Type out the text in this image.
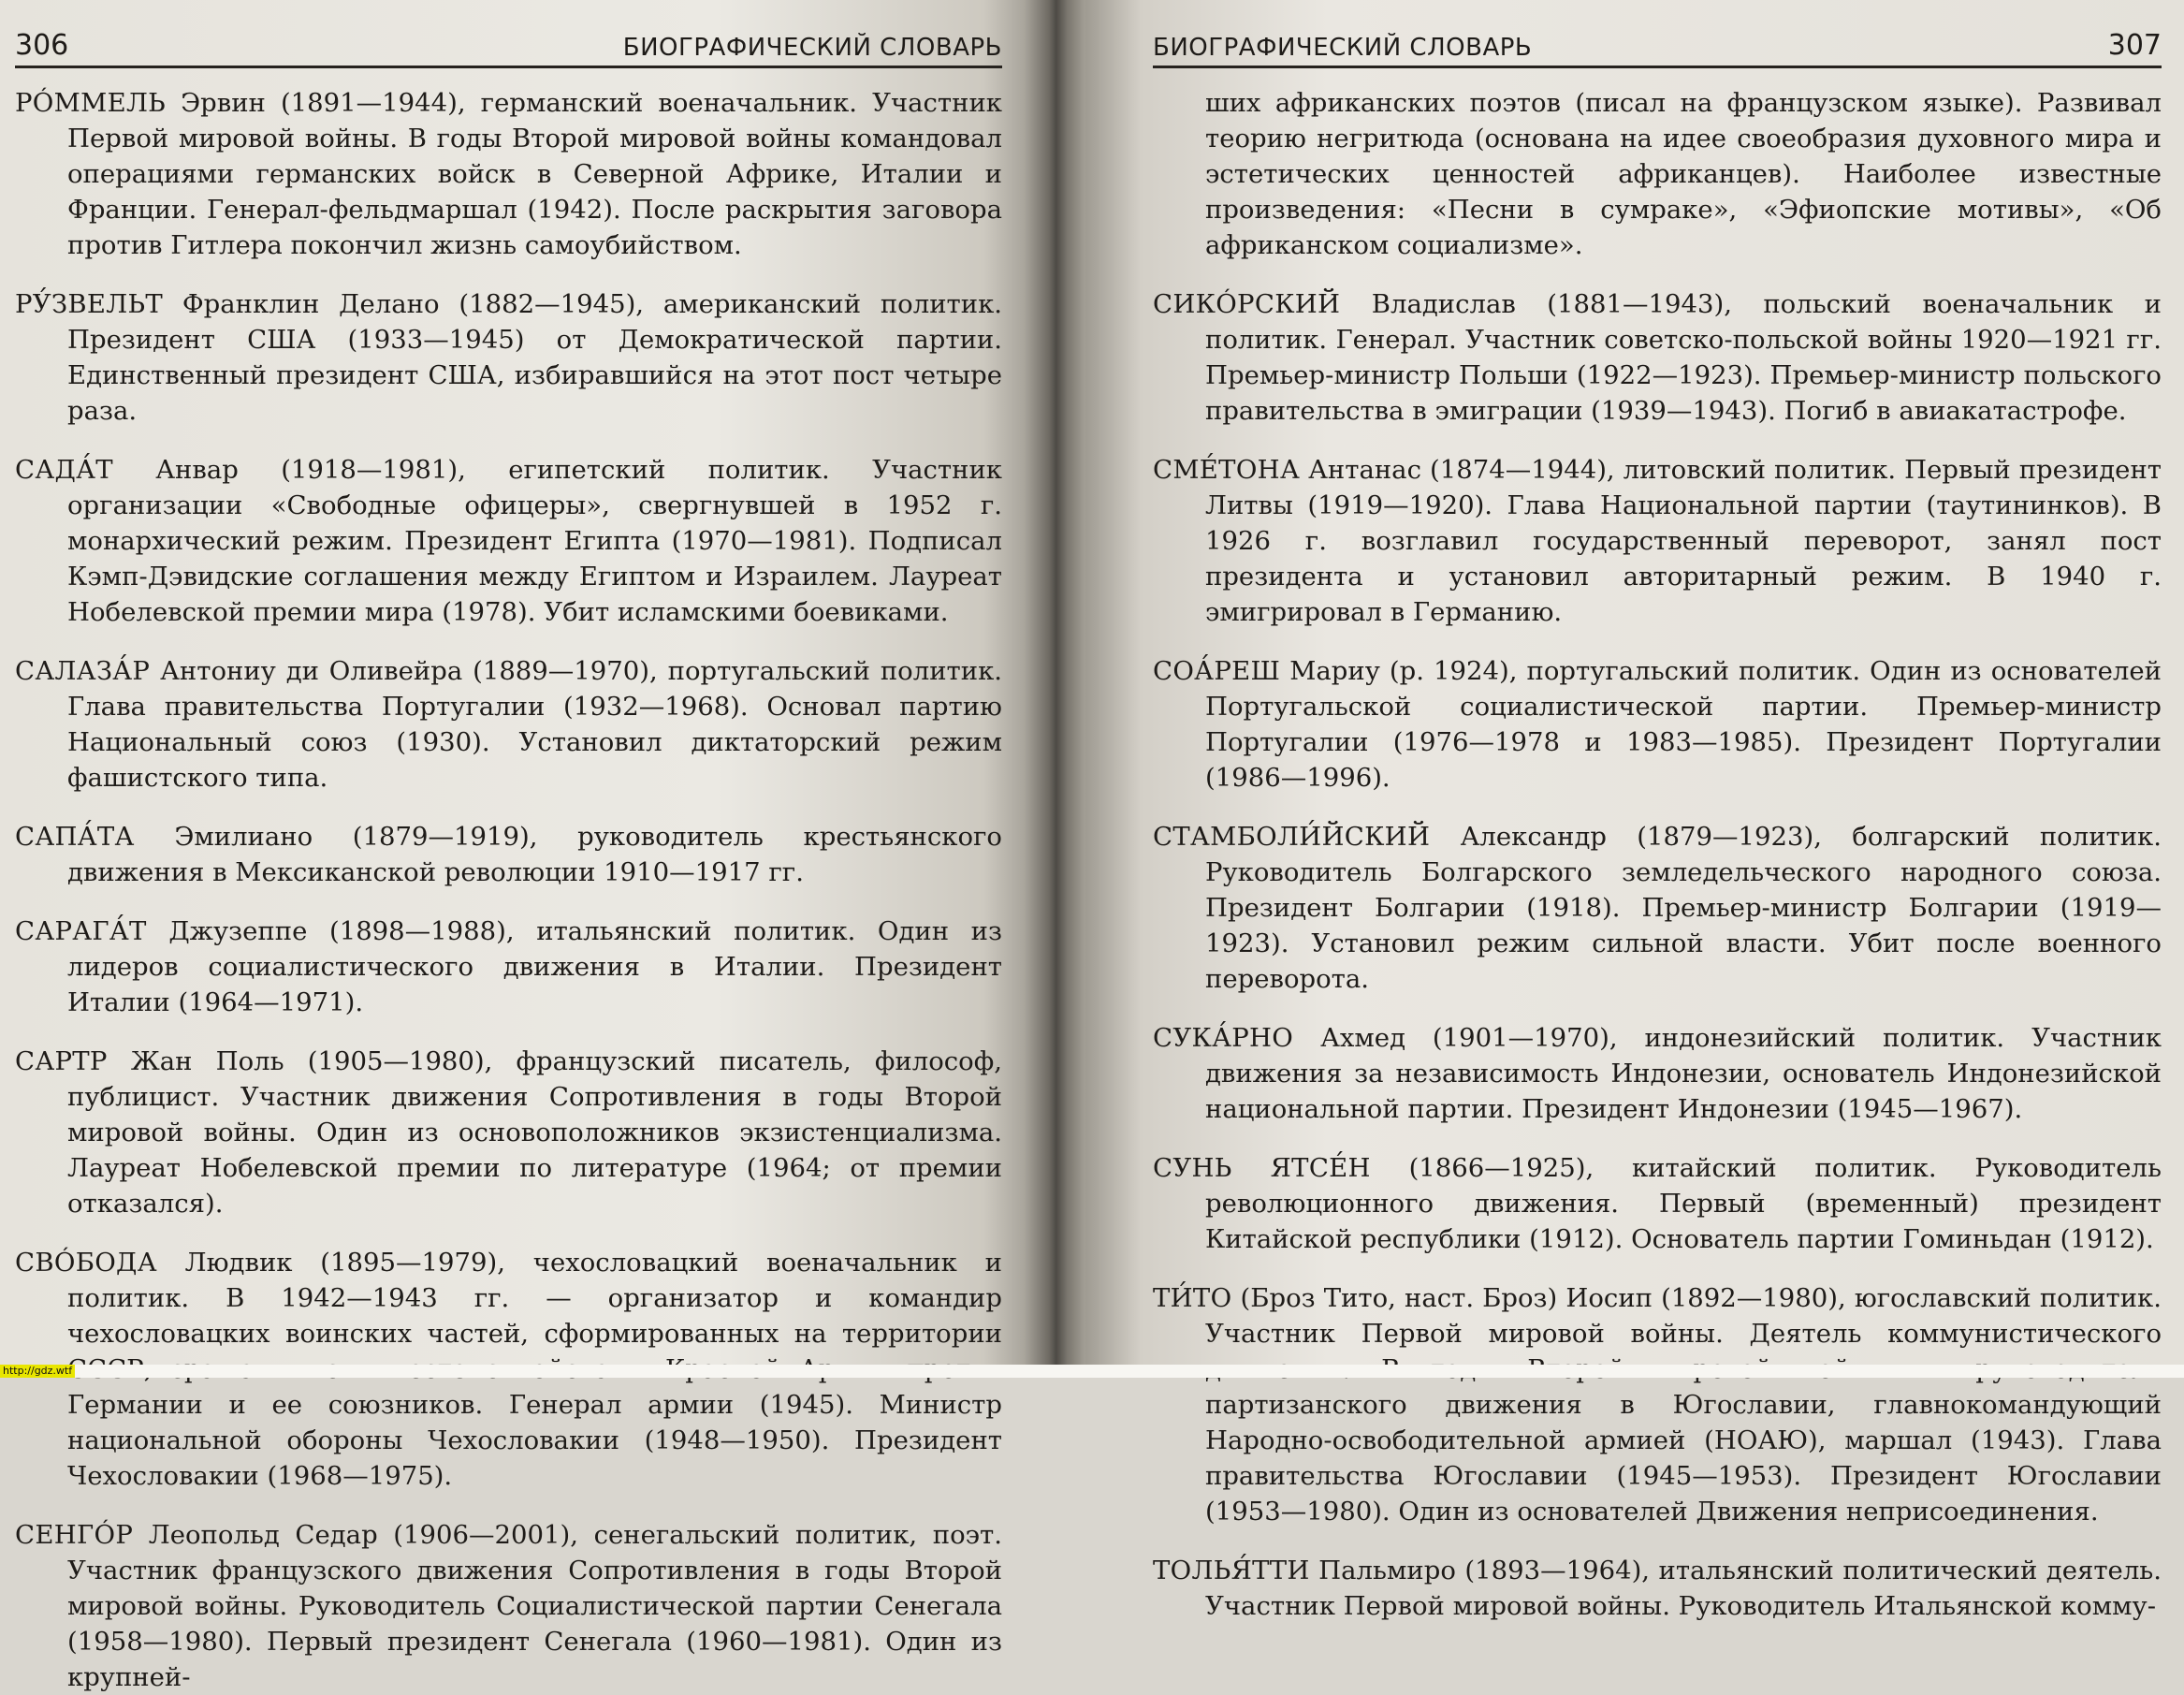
306	БИОГРАФИЧЕСКИЙ СЛОВАРЬ

РÓММЕЛЬ Эрвин (1891—1944), германский военачальник. Участник Первой мировой войны. В годы Второй мировой войны командовал операциями германских войск в Северной Африке, Италии и Франции. Генерал-фельдмаршал (1942). После раскрытия заговора против Гитлера покончил жизнь самоубийством.

РУ́ЗВЕЛЬТ Франклин Делано (1882—1945), американский политик. Президент США (1933—1945) от Демократической партии. Единственный президент США, избиравшийся на этот пост четыре раза.

САДА́Т Анвар (1918—1981), египетский политик. Участник организации «Свободные офицеры», свергнувшей в 1952 г. монархический режим. Президент Египта (1970—1981). Подписал Кэмп-Дэвидские соглашения между Египтом и Израилем. Лауреат Нобелевской премии мира (1978). Убит исламскими боевиками.

САЛАЗА́Р Антониу ди Оливейра (1889—1970), португальский политик. Глава правительства Португалии (1932—1968). Основал партию Национальный союз (1930). Установил диктаторский режим фашистского типа.

САПА́ТА Эмилиано (1879—1919), руководитель крестьянского движения в Мексиканской революции 1910—1917 гг.

САРАГА́Т Джузеппе (1898—1988), итальянский политик. Один из лидеров социалистического движения в Италии. Президент Италии (1964—1971).

САРТР Жан Поль (1905—1980), французский писатель, философ, публицист. Участник движения Сопротивления в годы Второй мировой войны. Один из основоположников экзистенциализма. Лауреат Нобелевской премии по литературе (1964; от премии отказался).

СВÓБОДА Людвик (1895—1979), чехословацкий военачальник и политик. В 1942—1943 гг. — организатор и командир чехословацких воинских частей, сформированных на территории Германии и ее союзников. Генерал армии (1945). Министр национальной обороны Чехословакии (1948—1950). Президент Чехословакии (1968—1975).

СЕНГÓР Леопольд Седар (1906—2001), сенегальский политик, поэт. Участник французского движения Сопротивления в годы Второй мировой войны. Руководитель Социалистической партии Сенегала (1958—1980). Первый президент Сенегала (1960—1981). Один из крупней-

БИОГРАФИЧЕСКИЙ СЛОВАРЬ	307

ших африканских поэтов (писал на французском языке). Развивал теорию негритюда (основана на идее своеобразия духовного мира и эстетических ценностей африканцев). Наиболее известные произведения: «Песни в сумраке», «Эфиопские мотивы», «Об африканском социализме».

СИКÓРСКИЙ Владислав (1881—1943), польский военачальник и политик. Генерал. Участник советско-польской войны 1920—1921 гг. Премьер-министр Польши (1922—1923). Премьер-министр польского правительства в эмиграции (1939—1943). Погиб в авиакатастрофе.

СМЕ́ТОНА Антанас (1874—1944), литовский политик. Первый президент Литвы (1919—1920). Глава Национальной партии (таутининков). В 1926 г. возглавил государственный переворот, занял пост президента и установил авторитарный режим. В 1940 г. эмигрировал в Германию.

СОА́РЕШ Мариу (р. 1924), португальский политик. Один из основателей Португальской социалистической партии. Премьер-министр Португалии (1976—1978 и 1983—1985). Президент Португалии (1986—1996).

СТАМБОЛИ́ЙСКИЙ Александр (1879—1923), болгарский политик. Руководитель Болгарского земледельческого народного союза. Президент Болгарии (1918). Премьер-министр Болгарии (1919—1923). Установил режим сильной власти. Убит после военного переворота.

СУКА́РНО Ахмед (1901—1970), индонезийский политик. Участник движения за независимость Индонезии, основатель Индонезийской национальной партии. Президент Индонезии (1945—1967).

СУНЬ ЯТСЕ́Н (1866—1925), китайский политик. Руководитель революционного движения. Первый (временный) президент Китайской республики (1912). Основатель партии Гоминьдан (1912).

ТИ́ТО (Броз Тито, наст. Броз) Иосип (1892—1980), югославский политик. Участник Первой мировой войны. Деятель коммунистического партизанского движения в Югославии, главнокомандующий Народно-освободительной армией (НОАЮ), маршал (1943). Глава правительства Югославии (1945—1953). Президент Югославии (1953—1980). Один из основателей Движения неприсоединения.

ТОЛЬЯ́ТТИ Пальмиро (1893—1964), итальянский политический деятель. Участник Первой мировой войны. Руководитель Итальянской комму-

http://gdz.wtf
